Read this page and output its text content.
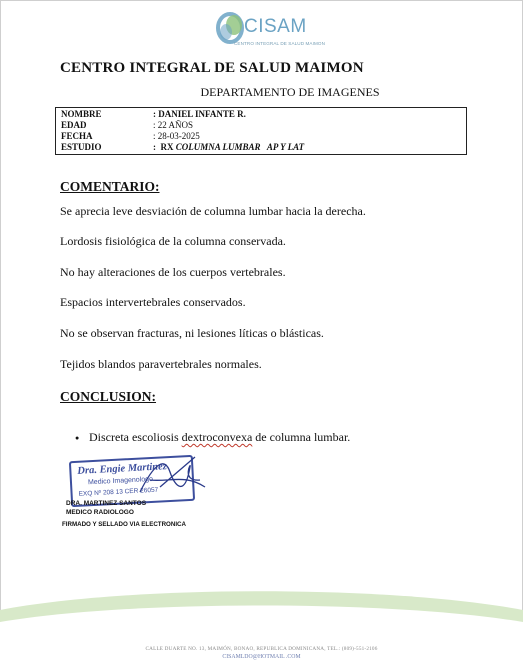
CISAM
CENTRO INTEGRAL DE SALUD MAIMON
CENTRO INTEGRAL DE SALUD MAIMON
DEPARTAMENTO DE IMAGENES
NOMBRE	: DANIEL INFANTE R.
EDAD	: 22 AÑOS
FECHA	: 28-03-2025
ESTUDIO	:  RX COLUMNA LUMBAR   AP Y LAT
COMENTARIO:
Se aprecia leve desviación de columna lumbar hacia la derecha.
Lordosis fisiológica de la columna conservada.
No hay alteraciones de los cuerpos vertebrales.
Espacios intervertebrales conservados.
No se observan fracturas, ni lesiones líticas o blásticas.
Tejidos blandos paravertebrales normales.
CONCLUSION:
● Discreta escoliosis dextroconvexa de columna lumbar.
Dra. Engie Martinez
Medico Imagenologo
EXQ Nº 208 13 CER 26057
DRA. MARTINEZ SANTOS
MEDICO RADIOLOGO
FIRMADO Y SELLADO VIA ELECTRONICA
CALLE DUARTE NO. 13, MAIMÓN, BONAO, REPUBLICA DOMINICANA, TEL.: (809)-551-2106
CISAMLDO@HOTMAIL .COM
